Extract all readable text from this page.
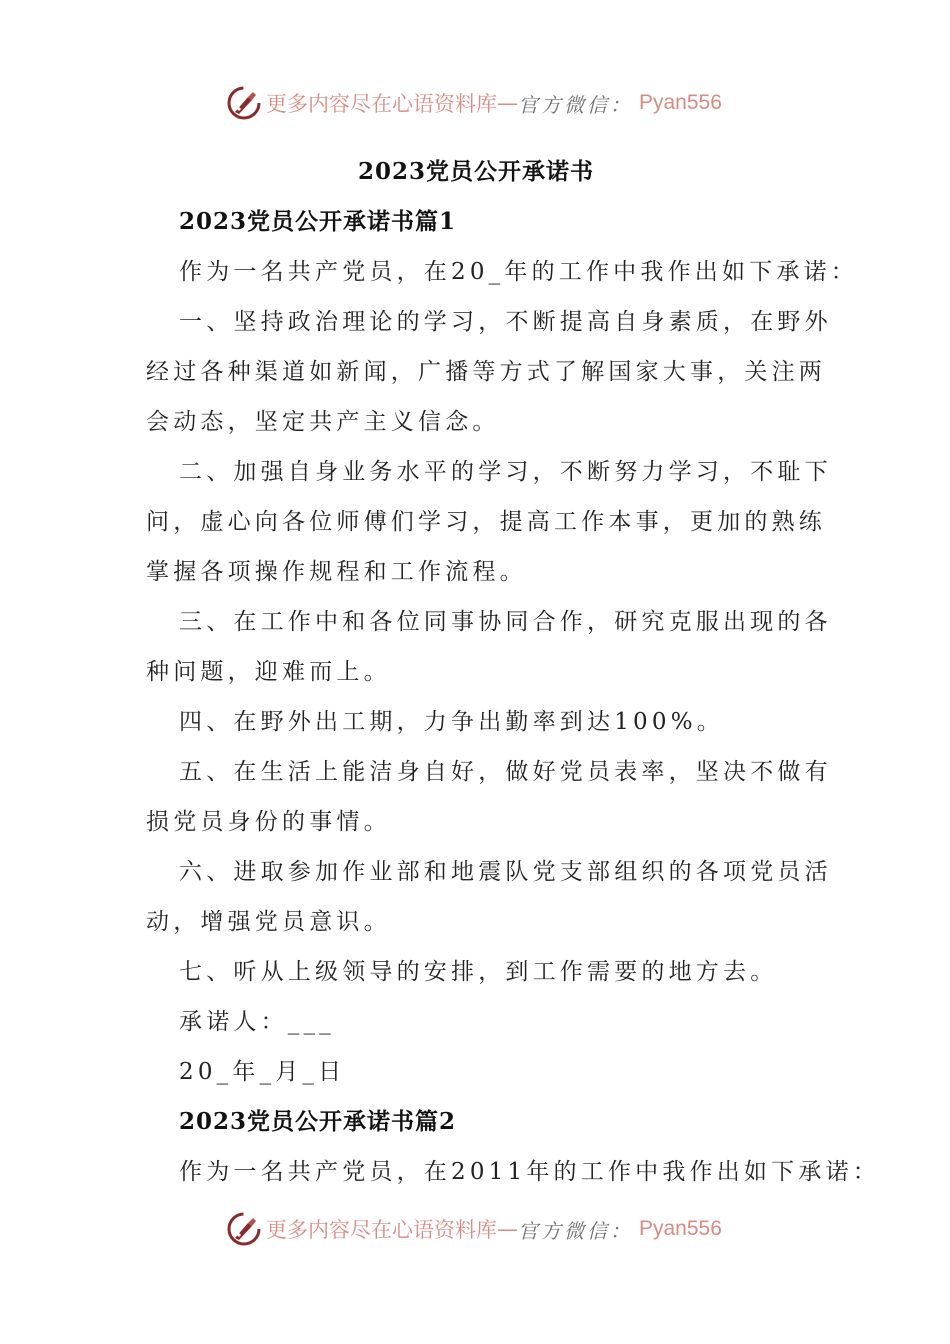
更多内容尽在心语资料库 — 官方微信： Pyan556
2023党员公开承诺书
2023党员公开承诺书篇1
作为一名共产党员，在20_年的工作中我作出如下承诺：
一、坚持政治理论的学习，不断提高自身素质，在野外
经过各种渠道如新闻，广播等方式了解国家大事，关注两
会动态，坚定共产主义信念。
二、加强自身业务水平的学习，不断努力学习，不耻下
问，虚心向各位师傅们学习，提高工作本事，更加的熟练
掌握各项操作规程和工作流程。
三、在工作中和各位同事协同合作，研究克服出现的各
种问题，迎难而上。
四、在野外出工期，力争出勤率到达100%。
五、在生活上能洁身自好，做好党员表率，坚决不做有
损党员身份的事情。
六、进取参加作业部和地震队党支部组织的各项党员活
动，增强党员意识。
七、听从上级领导的安排，到工作需要的地方去。
承诺人：___
20_年_月_日
2023党员公开承诺书篇2
作为一名共产党员，在2011年的工作中我作出如下承诺：
更多内容尽在心语资料库 — 官方微信： Pyan556
